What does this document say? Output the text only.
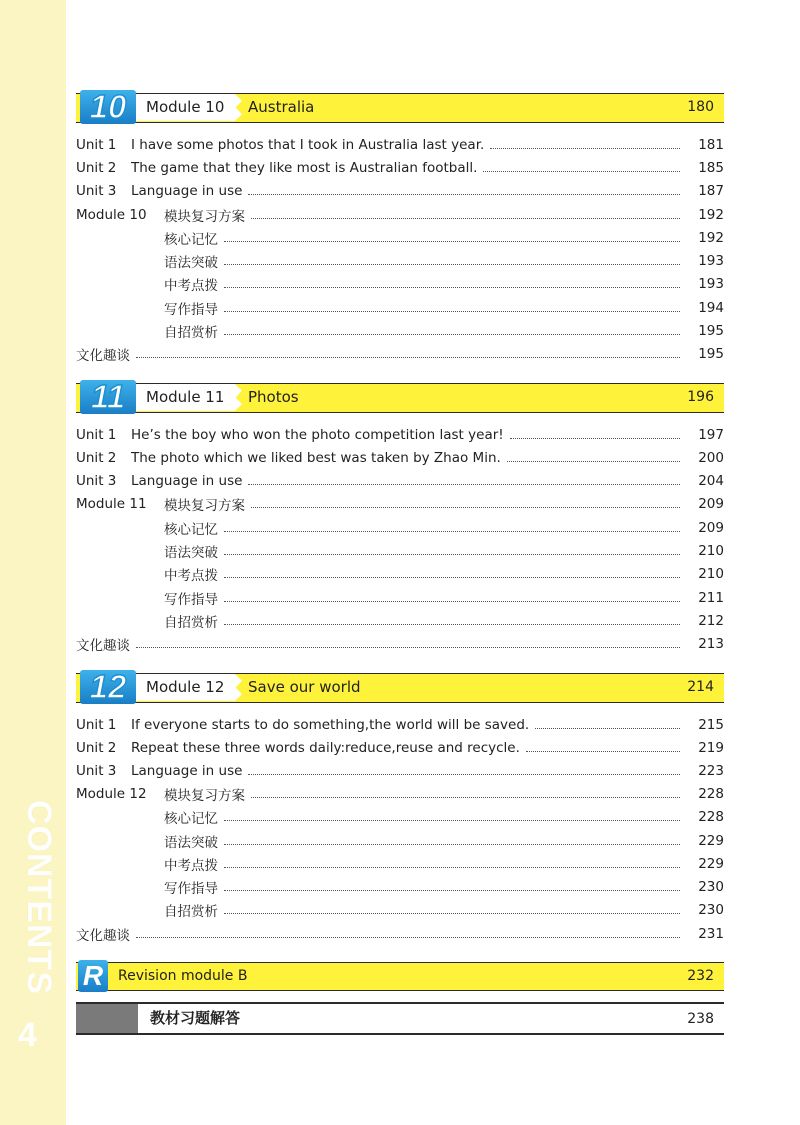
CONTENTS
4
10	Module 10 Australia	180
Unit 1	I have some photos that I took in Australia last year.	181
Unit 2	The game that they like most is Australian football.	185
Unit 3	Language in use	187
Module 10	模块复习方案	192
核心记忆	192
语法突破	193
中考点拨	193
写作指导	194
自招赏析	195
文化趣谈	195
11	Module 11 Photos	196
Unit 1	He’s the boy who won the photo competition last year!	197
Unit 2	The photo which we liked best was taken by Zhao Min.	200
Unit 3	Language in use	204
Module 11	模块复习方案	209
核心记忆	209
语法突破	210
中考点拨	210
写作指导	211
自招赏析	212
文化趣谈	213
12	Module 12 Save our world	214
Unit 1	If everyone starts to do something,the world will be saved.	215
Unit 2	Repeat these three words daily:reduce,reuse and recycle.	219
Unit 3	Language in use	223
Module 12	模块复习方案	228
核心记忆	228
语法突破	229
中考点拨	229
写作指导	230
自招赏析	230
文化趣谈	231
R	Revision module B	232
教材习题解答	238
